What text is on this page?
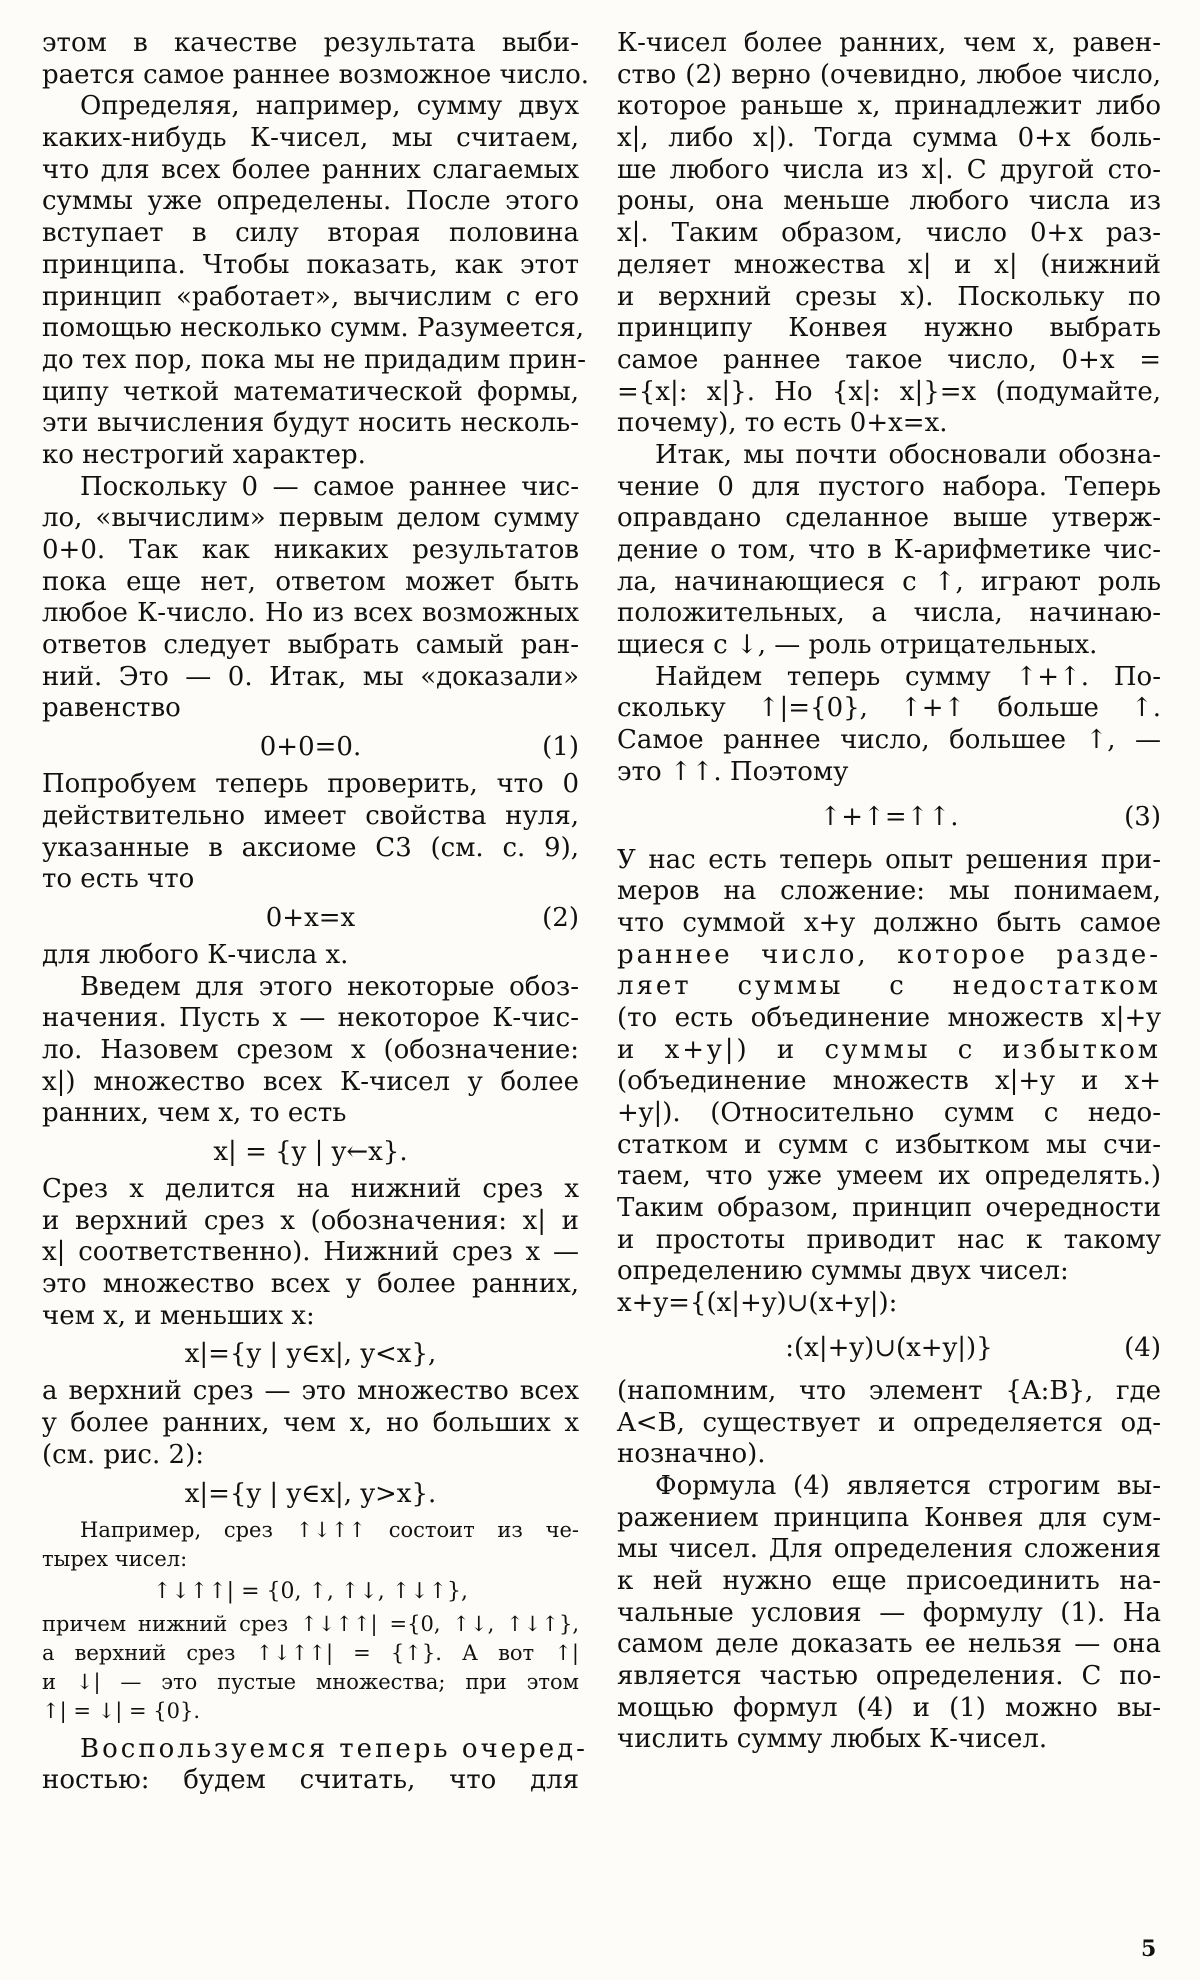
этом в качестве результата выби-
рается самое раннее возможное число.
Определяя, например, сумму двух
каких-нибудь К-чисел, мы считаем,
что для всех более ранних слагаемых
суммы уже определены. После этого
вступает в силу вторая половина
принципа. Чтобы показать, как этот
принцип «работает», вычислим с его
помощью несколько сумм. Разумеется,
до тех пор, пока мы не придадим прин-
ципу четкой математической формы,
эти вычисления будут носить несколь-
ко нестрогий характер.
Поскольку 0 — самое раннее чис-
ло, «вычислим» первым делом сумму
0+0. Так как никаких результатов
пока еще нет, ответом может быть
любое К-число. Но из всех возможных
ответов следует выбрать самый ран-
ний. Это — 0. Итак, мы «доказали»
равенство
0+0=0.	(1)
Попробуем теперь проверить, что 0
действительно имеет свойства нуля,
указанные в аксиоме С3 (см. с. 9),
то есть что
0+x=x	(2)
для любого К-числа x.
Введем для этого некоторые обоз-
начения. Пусть x — некоторое К-чис-
ло. Назовем срезом x (обозначение:
x|) множество всех К-чисел y более
ранних, чем x, то есть
x| = {y | y←x}.
Срез x делится на нижний срез x
и верхний срез x (обозначения: x| и
x| соответственно). Нижний срез x —
это множество всех y более ранних,
чем x, и меньших x:
x|={y | y∈x|, y<x},
а верхний срез — это множество всех
y более ранних, чем x, но больших x
(см. рис. 2):
x|={y | y∈x|, y>x}.
Например, срез ↑↓↑↑ состоит из че-
тырех чисел:
↑↓↑↑| = {0, ↑, ↑↓, ↑↓↑},
причем нижний срез ↑↓↑↑| ={0, ↑↓, ↑↓↑},
а верхний срез ↑↓↑↑| = {↑}. А вот ↑|
и ↓| — это пустые множества; при этом
↑| = ↓| = {0}.
Воспользуемся теперь очеред-
ностью: будем считать, что для
К-чисел более ранних, чем x, равен-
ство (2) верно (очевидно, любое число,
которое раньше x, принадлежит либо
x|, либо x|). Тогда сумма 0+x боль-
ше любого числа из x|. С другой сто-
роны, она меньше любого числа из
x|. Таким образом, число 0+x раз-
деляет множества x| и x| (нижний
и верхний срезы x). Поскольку по
принципу Конвея нужно выбрать
самое раннее такое число, 0+x =
={x|: x|}. Но {x|: x|}=x (подумайте,
почему), то есть 0+x=x.
Итак, мы почти обосновали обозна-
чение 0 для пустого набора. Теперь
оправдано сделанное выше утверж-
дение о том, что в К-арифметике чис-
ла, начинающиеся с ↑, играют роль
положительных, а числа, начинаю-
щиеся с ↓, — роль отрицательных.
Найдем теперь сумму ↑+↑. По-
скольку ↑|={0}, ↑+↑ больше ↑.
Самое раннее число, большее ↑, —
это ↑↑. Поэтому
↑+↑=↑↑.	(3)
У нас есть теперь опыт решения при-
меров на сложение: мы понимаем,
что суммой x+y должно быть самое
раннее число, которое разде-
ляет суммы с недостатком
(то есть объединение множеств x|+y
и x+y|) и суммы с избытком
(объединение множеств x|+y и x+
+y|). (Относительно сумм с недо-
статком и сумм с избытком мы счи-
таем, что уже умеем их определять.)
Таким образом, принцип очередности
и простоты приводит нас к такому
определению суммы двух чисел:
x+y={(x|+y)∪(x+y|):
:(x|+y)∪(x+y|)}	(4)
(напомним, что элемент {A:B}, где
A<B, существует и определяется од-
нозначно).
Формула (4) является строгим вы-
ражением принципа Конвея для сум-
мы чисел. Для определения сложения
к ней нужно еще присоединить на-
чальные условия — формулу (1). На
самом деле доказать ее нельзя — она
является частью определения. С по-
мощью формул (4) и (1) можно вы-
числить сумму любых К-чисел.
5
